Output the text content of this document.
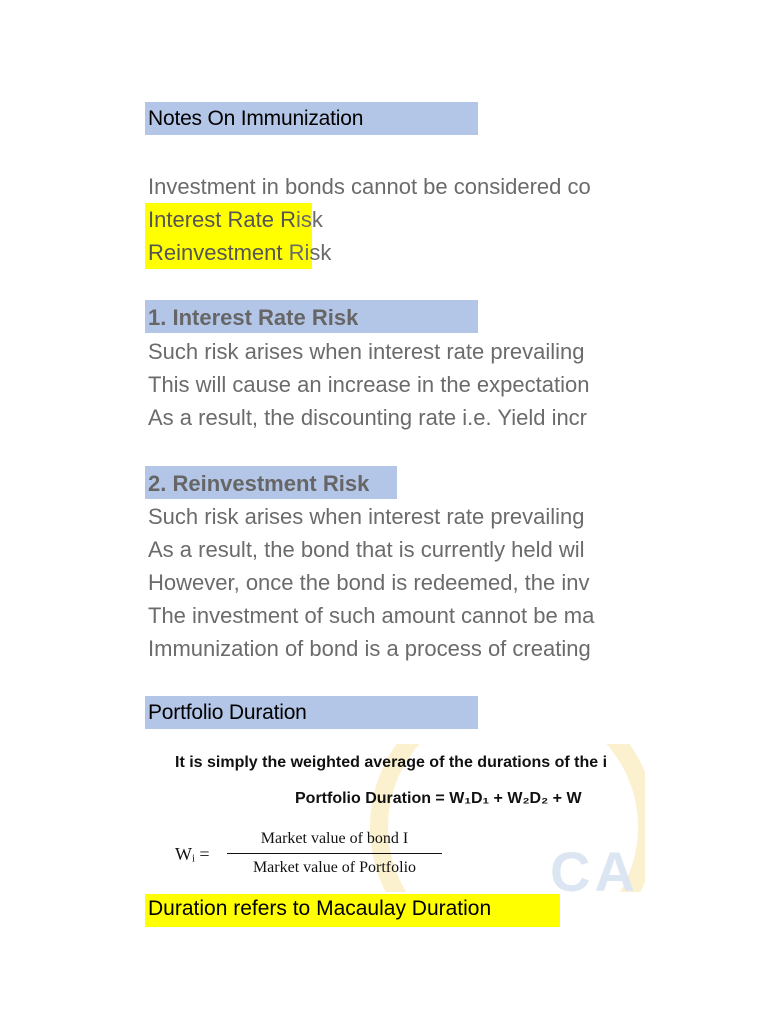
Notes On Immunization
Investment in bonds cannot be considered co
Interest Rate Risk
Reinvestment Risk
1. Interest Rate Risk
Such risk arises when interest rate prevailing
This will cause an increase in the expectation
As a result, the discounting rate i.e. Yield incr
2. Reinvestment Risk
Such risk arises when interest rate prevailing
As a result, the bond that is currently held wil
However, once the bond is redeemed, the inv
The investment of such amount cannot be ma
Immunization of bond is a process of creating
Portfolio Duration
CA
It is simply the weighted average of the durations of the i
Portfolio Duration = W₁D₁ + W₂D₂ + W
Wᵢ =
Market value of bond I
Market value of Portfolio
Duration refers to Macaulay Duration
